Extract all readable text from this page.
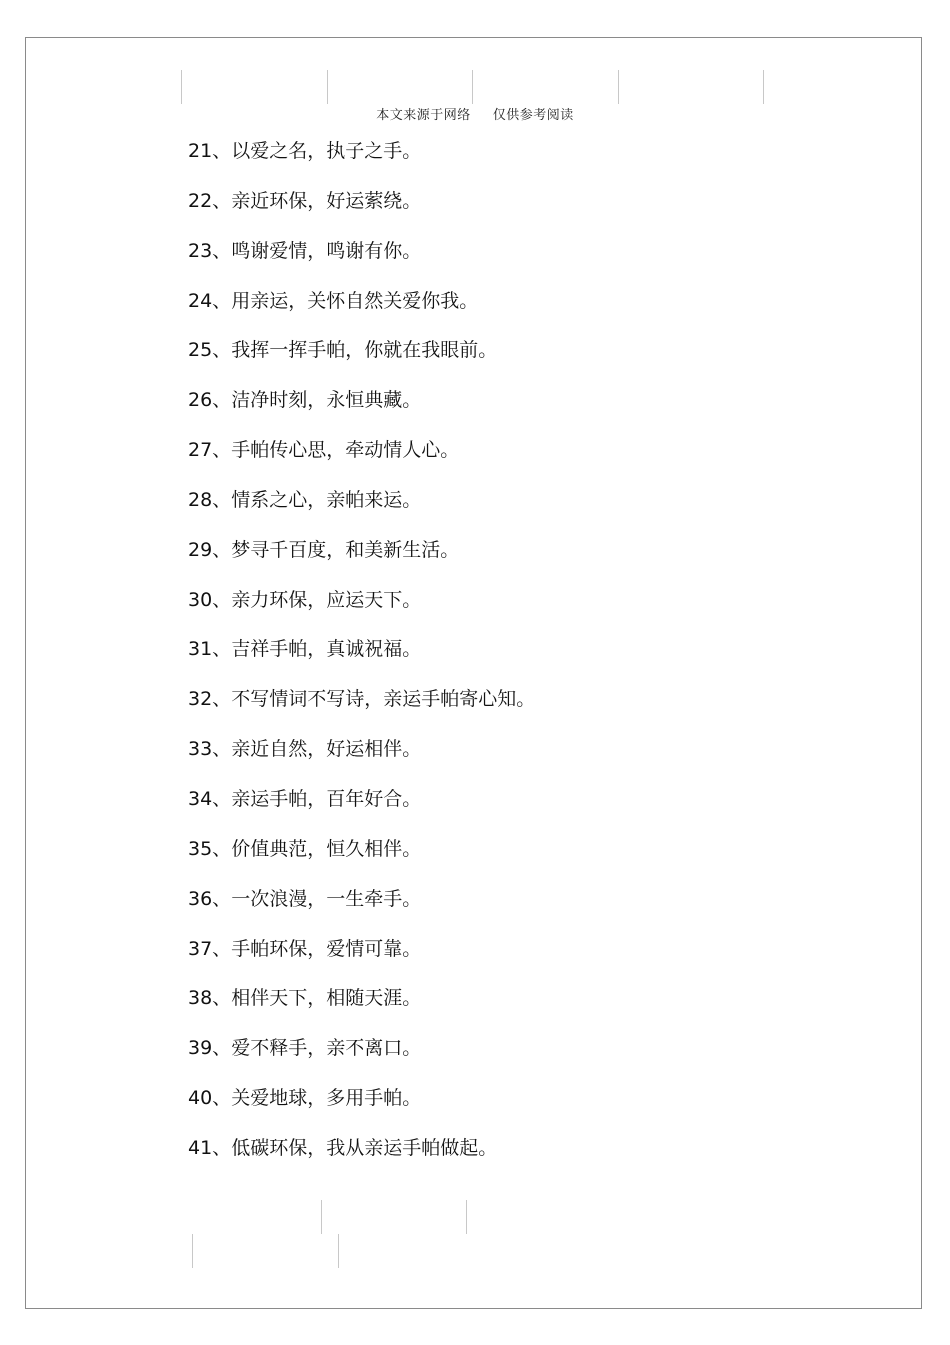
本文来源于网络 仅供参考阅读
21、以爱之名，执子之手。
22、亲近环保，好运萦绕。
23、鸣谢爱情，鸣谢有你。
24、用亲运，关怀自然关爱你我。
25、我挥一挥手帕，你就在我眼前。
26、洁净时刻，永恒典藏。
27、手帕传心思，牵动情人心。
28、情系之心，亲帕来运。
29、梦寻千百度，和美新生活。
30、亲力环保，应运天下。
31、吉祥手帕，真诚祝福。
32、不写情词不写诗，亲运手帕寄心知。
33、亲近自然，好运相伴。
34、亲运手帕，百年好合。
35、价值典范，恒久相伴。
36、一次浪漫，一生牵手。
37、手帕环保，爱情可靠。
38、相伴天下，相随天涯。
39、爱不释手，亲不离口。
40、关爱地球，多用手帕。
41、低碳环保，我从亲运手帕做起。
